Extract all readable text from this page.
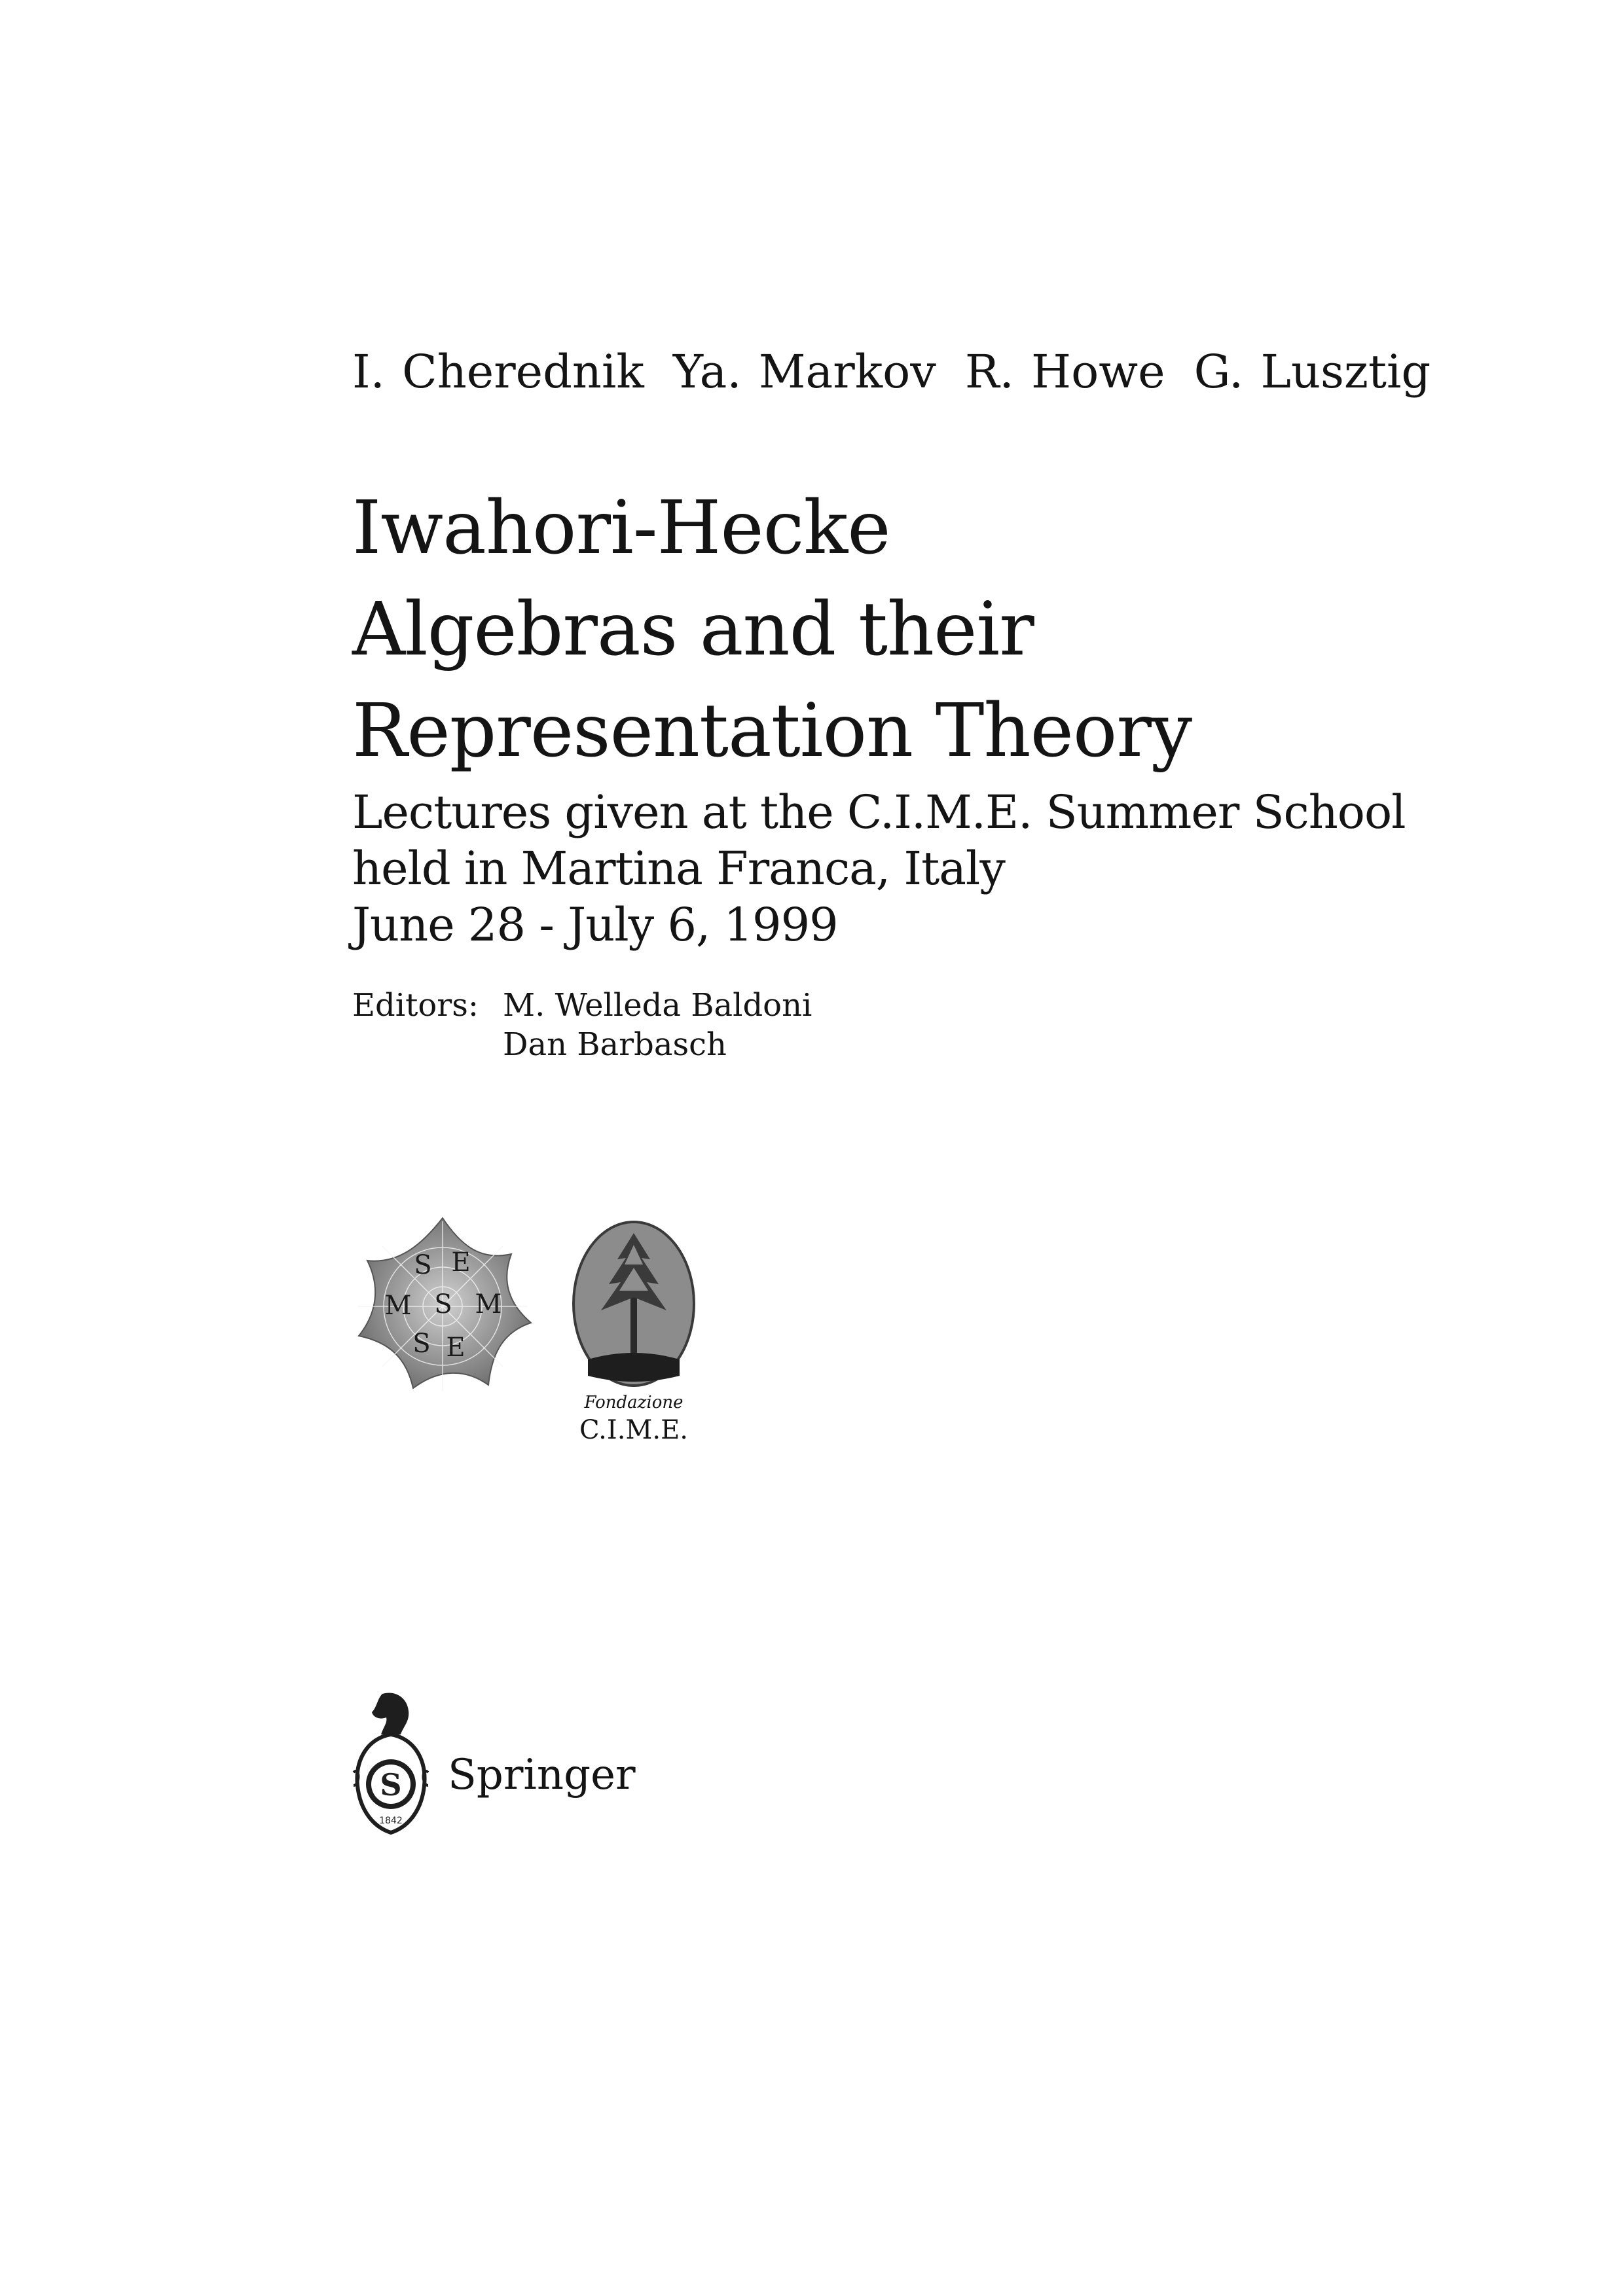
I. Cherednik Ya. Markov R. Howe G. Lusztig
Iwahori-Hecke
Algebras and their
Representation Theory
Lectures given at the C.I.M.E. Summer School
held in Martina Franca, Italy
June 28 - July 6, 1999
Editors: M. Welleda Baldoni
Dan Barbasch
S E
M S M
S E
Fondazione
C.I.M.E.
S
1842
Springer
